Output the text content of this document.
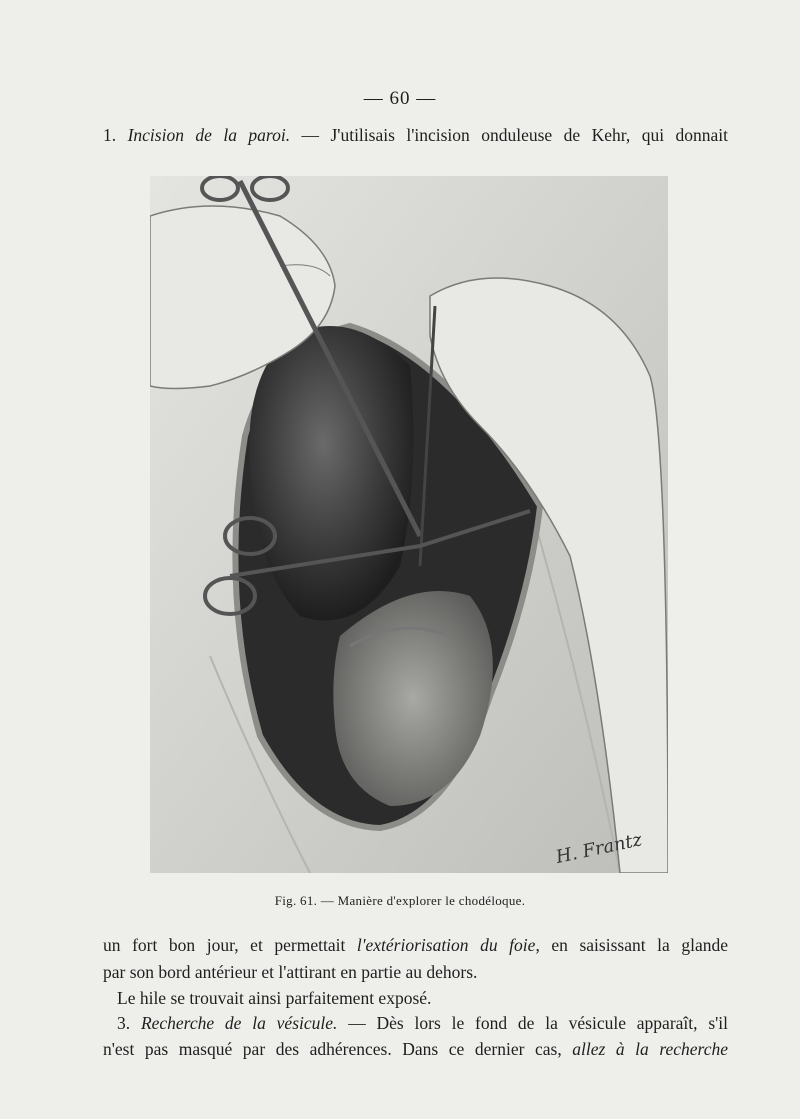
— 60 —
1. Incision de la paroi. — J'utilisais l'incision onduleuse de Kehr, qui donnait
H. Frantz
Fig. 61. — Manière d'explorer le chodéloque.
un fort bon jour, et permettait l'extériorisation du foie, en saisissant la glande
par son bord antérieur et l'attirant en partie au dehors.
Le hile se trouvait ainsi parfaitement exposé.
3. Recherche de la vésicule. — Dès lors le fond de la vésicule apparaît, s'il
n'est pas masqué par des adhérences. Dans ce dernier cas, allez à la recherche
